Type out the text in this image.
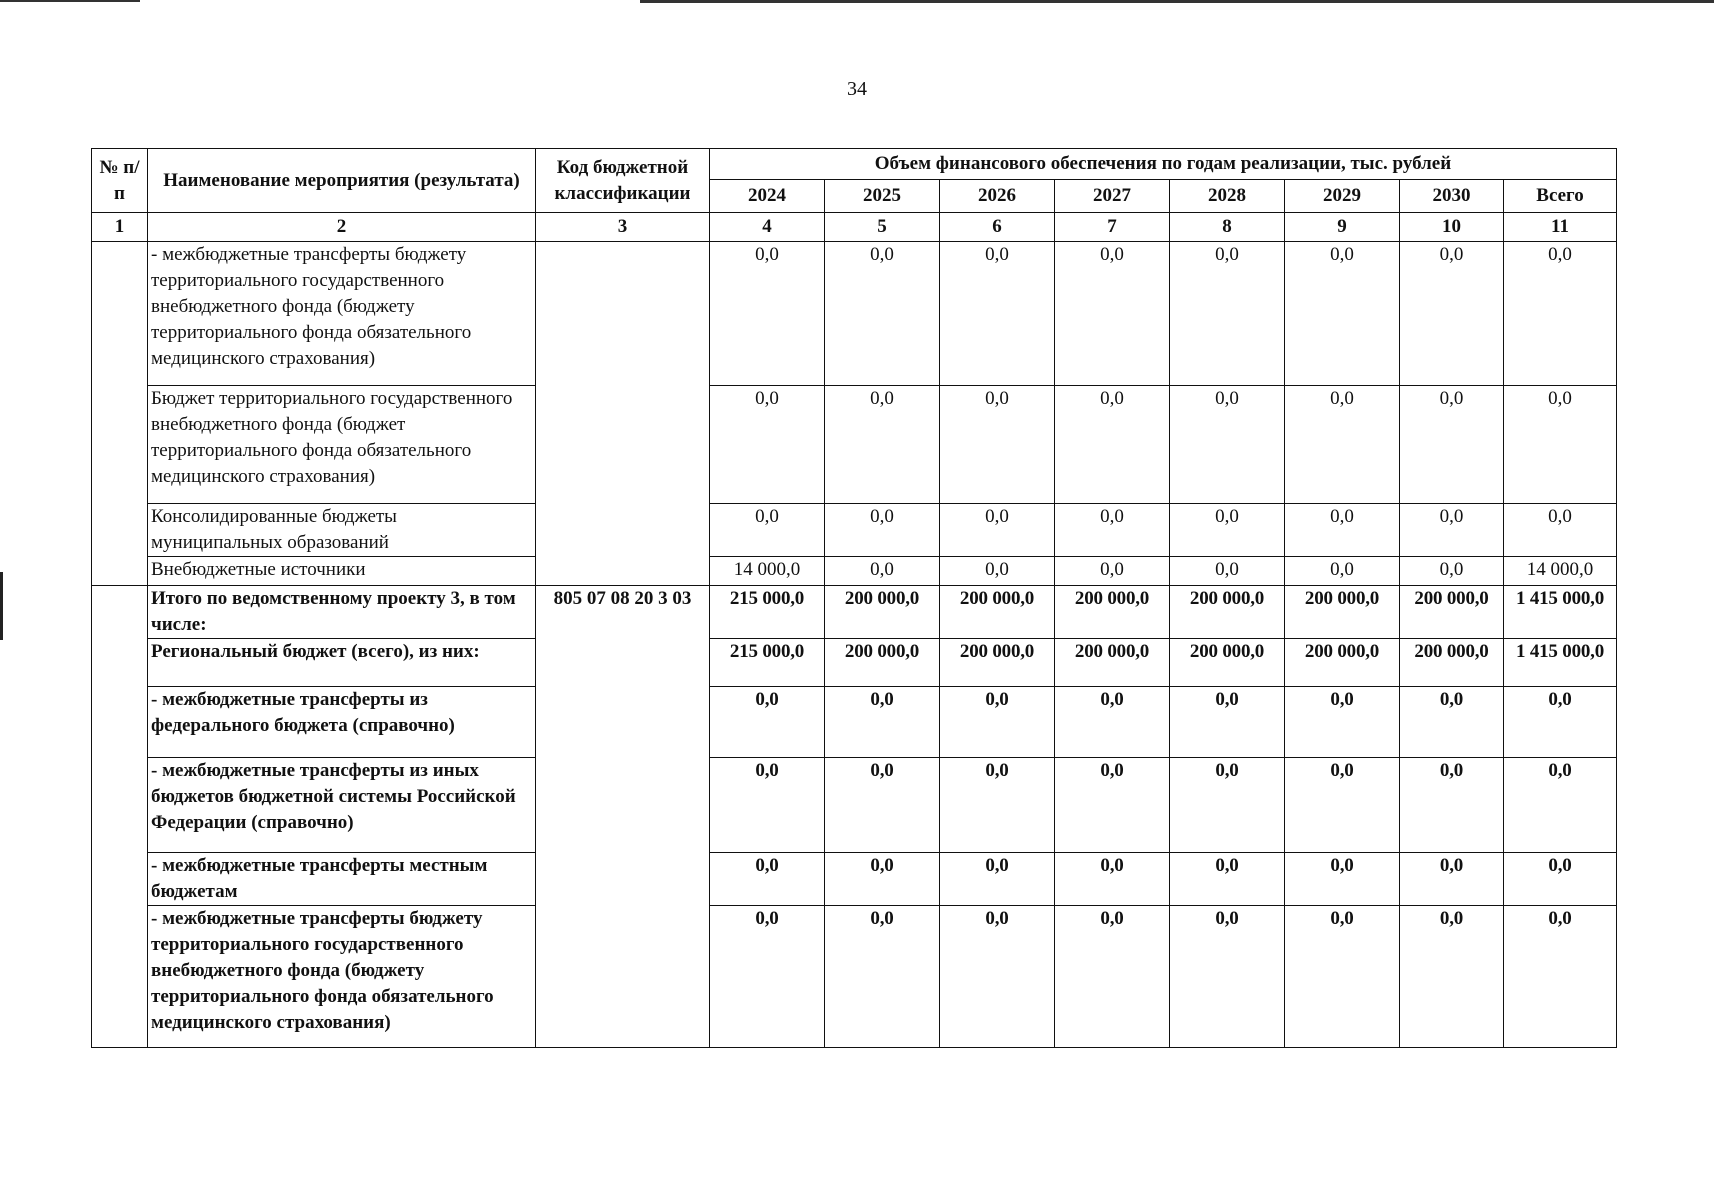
34
№ п/п	Наименование мероприятия (результата)	Код бюджетной классификации	Объем финансового обеспечения по годам реализации, тыс. рублей							
			2024	2025	2026	2027	2028	2029	2030	Всего
1	2	3	4	5	6	7	8	9	10	11
	- межбюджетные трансферты бюджету территориального государственного внебюджетного фонда (бюджету территориального фонда обязательного медицинского страхования)		0,0	0,0	0,0	0,0	0,0	0,0	0,0	0,0
	Бюджет территориального государственного внебюджетного фонда (бюджет территориального фонда обязательного медицинского страхования)		0,0	0,0	0,0	0,0	0,0	0,0	0,0	0,0
	Консолидированные бюджеты муниципальных образований		0,0	0,0	0,0	0,0	0,0	0,0	0,0	0,0
	Внебюджетные источники		14 000,0	0,0	0,0	0,0	0,0	0,0	0,0	14 000,0
	Итого по ведомственному проекту 3, в том числе:	805 07 08 20 3 03	215 000,0	200 000,0	200 000,0	200 000,0	200 000,0	200 000,0	200 000,0	1 415 000,0
	Региональный бюджет (всего), из них:		215 000,0	200 000,0	200 000,0	200 000,0	200 000,0	200 000,0	200 000,0	1 415 000,0
	- межбюджетные трансферты из федерального бюджета (справочно)		0,0	0,0	0,0	0,0	0,0	0,0	0,0	0,0
	- межбюджетные трансферты из иных бюджетов бюджетной системы Российской Федерации (справочно)		0,0	0,0	0,0	0,0	0,0	0,0	0,0	0,0
	- межбюджетные трансферты местным бюджетам		0,0	0,0	0,0	0,0	0,0	0,0	0,0	0,0
	- межбюджетные трансферты бюджету территориального государственного внебюджетного фонда (бюджету территориального фонда обязательного медицинского страхования)		0,0	0,0	0,0	0,0	0,0	0,0	0,0	0,0
